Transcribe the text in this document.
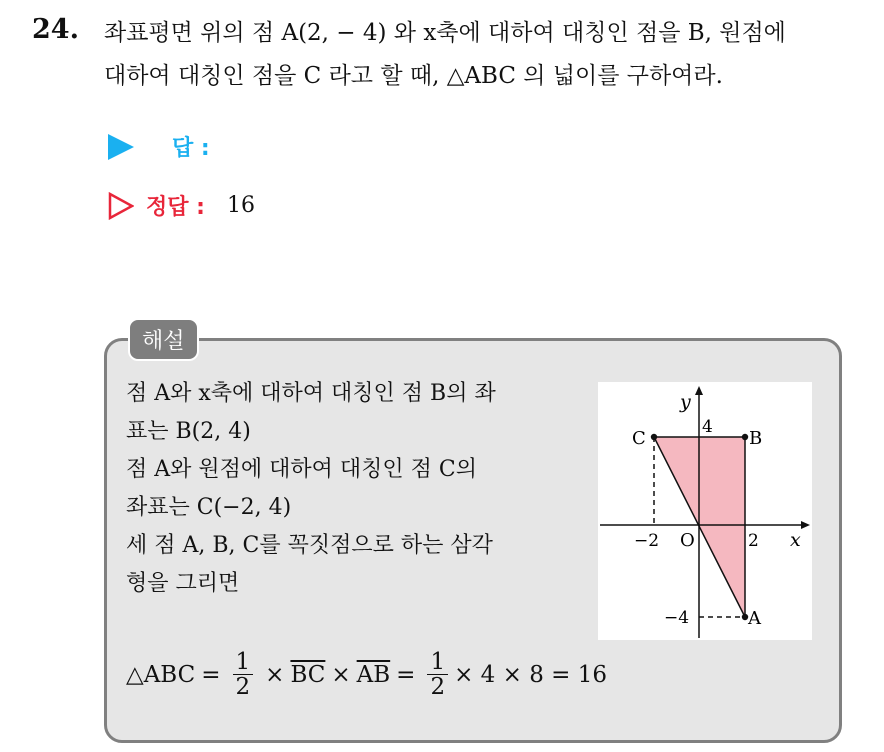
24. 좌표평면 위의 점 A(2, − 4) 와 x축에 대하여 대칭인 점을 B, 원점에
대하여 대칭인 점을 C 라고 할 때, △ABC 의 넓이를 구하여라.
답 :
정답 : 16
해설
점 A와 x축에 대하여 대칭인 점 B의 좌
표는 B(2, 4)
점 A와 원점에 대하여 대칭인 점 C의
좌표는 C(−2, 4)
세 점 A, B, C를 꼭짓점으로 하는 삼각
형을 그리면
y
x
O
−2	2
4
−4
C	B
A
△ABC = $\frac{1}{2} \times \overline{BC} \times \overline{AB} = \frac{1}{2} \times 4 \times 8 = 16$
